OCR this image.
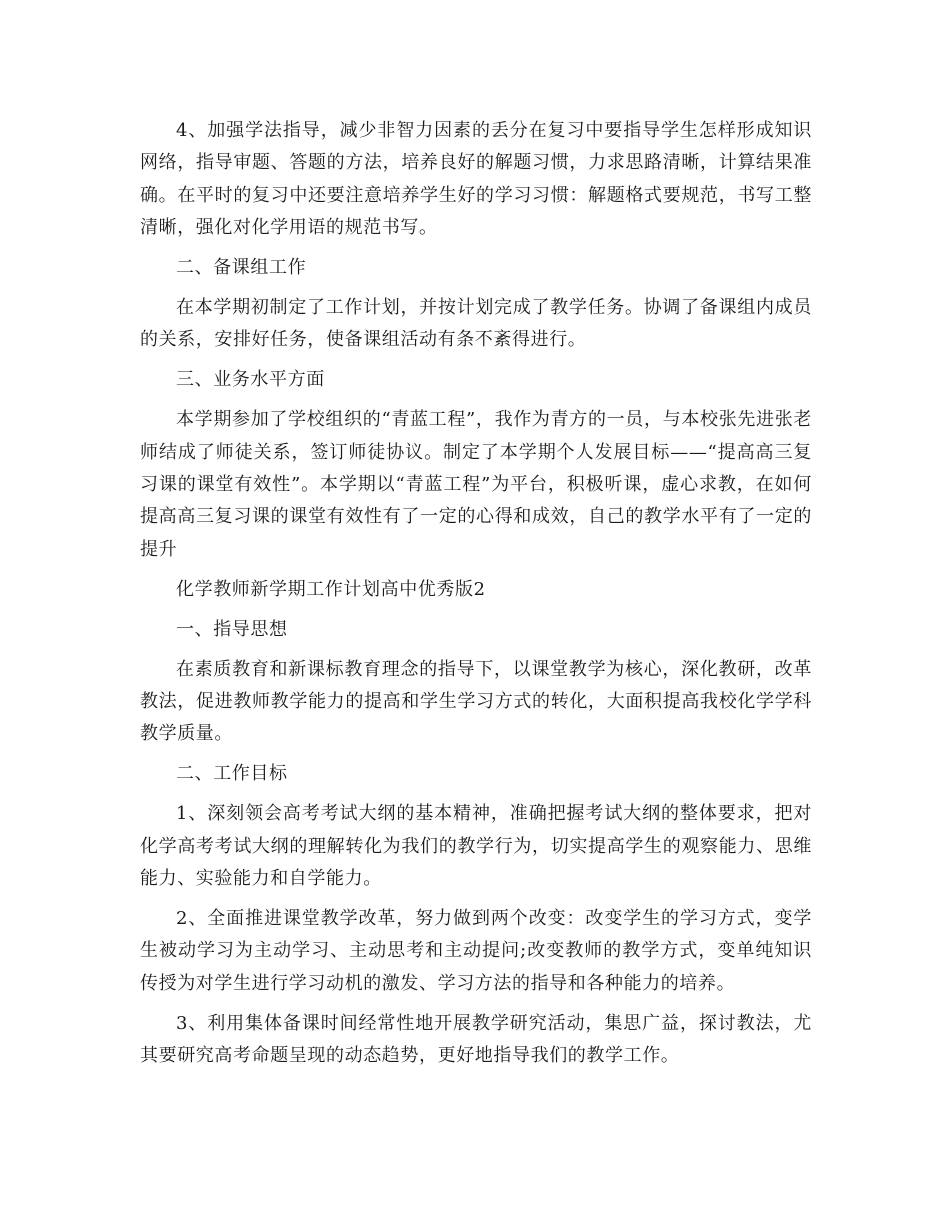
4、加强学法指导，减少非智力因素的丢分在复习中要指导学生怎样形成知识网络，指导审题、答题的方法，培养良好的解题习惯，力求思路清晰，计算结果准确。在平时的复习中还要注意培养学生好的学习习惯：解题格式要规范，书写工整清晰，强化对化学用语的规范书写。

二、备课组工作

在本学期初制定了工作计划，并按计划完成了教学任务。协调了备课组内成员的关系，安排好任务，使备课组活动有条不紊得进行。

三、业务水平方面

本学期参加了学校组织的“青蓝工程”，我作为青方的一员，与本校张先进张老师结成了师徒关系，签订师徒协议。制定了本学期个人发展目标——“提高高三复习课的课堂有效性”。本学期以“青蓝工程”为平台，积极听课，虚心求教，在如何提高高三复习课的课堂有效性有了一定的心得和成效，自己的教学水平有了一定的提升

化学教师新学期工作计划高中优秀版2

一、指导思想

在素质教育和新课标教育理念的指导下，以课堂教学为核心，深化教研，改革教法，促进教师教学能力的提高和学生学习方式的转化，大面积提高我校化学学科教学质量。

二、工作目标

1、深刻领会高考考试大纲的基本精神，准确把握考试大纲的整体要求，把对化学高考考试大纲的理解转化为我们的教学行为，切实提高学生的观察能力、思维能力、实验能力和自学能力。

2、全面推进课堂教学改革，努力做到两个改变：改变学生的学习方式，变学生被动学习为主动学习、主动思考和主动提问;改变教师的教学方式，变单纯知识传授为对学生进行学习动机的激发、学习方法的指导和各种能力的培养。

3、利用集体备课时间经常性地开展教学研究活动，集思广益，探讨教法，尤其要研究高考命题呈现的动态趋势，更好地指导我们的教学工作。
